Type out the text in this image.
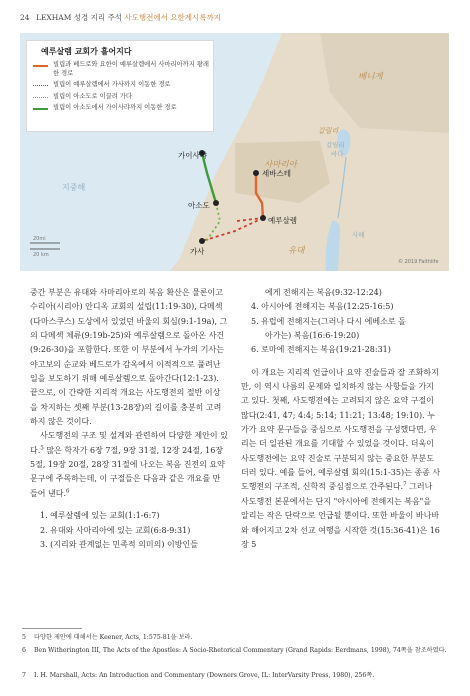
24 LEXHAM 성경 지리 주석 사도행전에서 요한계시록까지
예루살렘 교회가 흩어지다
빌립과 베드로와 요한이 예루살렘에서 사마리아까지 왕래한 경로
빌립이 예루살렘에서 가사까지 이동한 경로
빌립이 아소도로 이끌려 가다
빌립이 아소도에서 가이사랴까지 이동한 경로
지중해
베니게
갈릴리
갈릴리
바다
사마리아
유대
사해
가이사랴
세바스테
아소도
예루살렘
가사
20mi
20 km
© 2019 Faithlife

중간 부분은 유대와 사마리아로의 복음 확산은 물론이고 수리아(시리아) 안디옥 교회의 설립(11:19-30), 다메섹(다마스쿠스) 도상에서 있었던 바울의 회심(9:1-19a), 그의 다메섹 체류(9:19b-25)와 예루살렘으로 돌아온 사건(9:26-30)을 포함한다. 또한 이 부분에서 누가의 기사는 야고보의 순교와 베드로가 감옥에서 이적적으로 풀려난 일을 보도하기 위해 예루살렘으로 돌아간다(12:1-23). 끝으로, 이 간략한 지리적 개요는 사도행전의 절반 이상을 차지하는 셋째 부분(13-28장)의 길이를 충분히 고려하지 않은 것이다.

사도행전의 구조 및 설계와 관련하여 다양한 제안이 있다.$^5$ 많은 학자가 6장 7절, 9장 31절, 12장 24절, 16장 5절, 19장 20절, 28장 31절에 나오는 복음 진전의 요약 문구에 주목하는데, 이 구절들은 다음과 같은 개요를 만들어 낸다.$^6$

1. 예루살렘에 있는 교회(1:1-6:7)

2. 유대와 사마리아에 있는 교회(6:8-9:31)

3. (지리와 관계없는 민족적 의미의) 이방인들

에게 전해지는 복음(9:32-12:24)

4. 아시아에 전해지는 복음(12:25-16:5)

5. 유럽에 전해지는(그러나 다시 에베소로 돌

아가는) 복음(16:6-19:20)

6. 로마에 전해지는 복음(19:21-28:31)

이 개요는 지리적 언급이나 요약 진술들과 잘 조화하지만, 이 역시 나름의 문제와 일치하지 않는 사항들을 가지고 있다. 첫째, 사도행전에는 고려되지 않은 요약 구절이 많다(2:41, 47; 4:4; 5:14; 11:21; 13:48; 19:10). 누가가 요약 문구들을 중심으로 사도행전을 구성했다면, 우리는 더 일관된 개요를 기대할 수 있었을 것이다. 더욱이 사도행전에는 요약 진술로 구분되지 않는 중요한 부분도 더러 있다. 예를 들어, 예루살렘 회의(15:1-35)는 종종 사도행전의 구조적, 신학적 중심점으로 간주된다.$^7$ 그러나 사도행전 본문에서는 단지 "아시아에 전해지는 복음"을 알리는 작은 단락으로 언급될 뿐이다. 또한 바울이 바나바와 해어지고 2차 선교 여행을 시작한 것(15:36-41)은 16장 5

5 다양한 제안에 대해서는 Keener, Acts, 1:575-81을 보라.
6 Ben Witherington III, The Acts of the Apostles: A Socio-Rhetorical Commentary (Grand Rapids: Eerdmans, 1998), 74쪽을 참조하였다.
7 I. H. Marshall, Acts: An Introduction and Commentary (Downers Grove, IL: InterVarsity Press, 1980), 256쪽.
